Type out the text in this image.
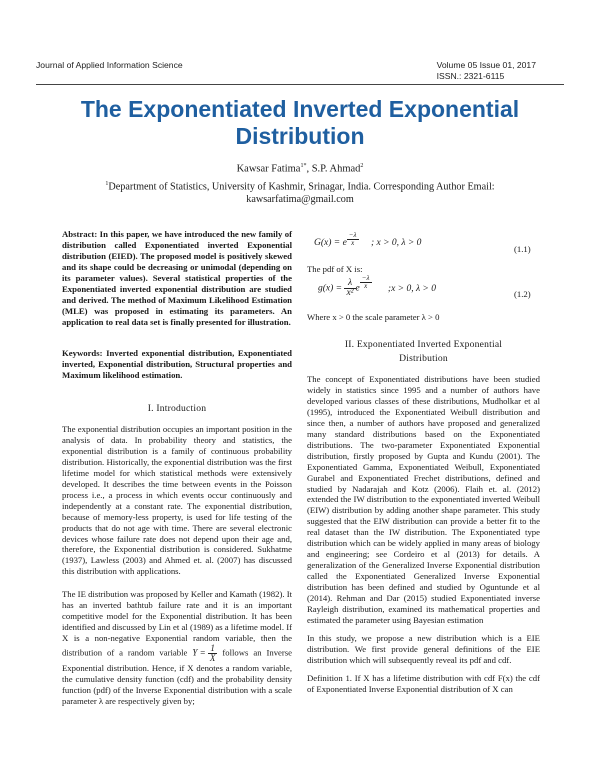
Journal of Applied Information Science	Volume 05 Issue 01, 2017
ISSN.: 2321-6115
The Exponentiated Inverted Exponential
Distribution
Kawsar Fatima$^{1*}$, S.P. Ahmad$^2$
$^1$Department of Statistics, University of Kashmir, Srinagar, India. Corresponding Author Email:
kawsarfatima@gmail.com
Abstract: In this paper, we have introduced the new family of distribution called Exponentiated inverted Exponential distribution (EIED). The proposed model is positively skewed and its shape could be decreasing or unimodal (depending on its parameter values). Several statistical properties of the Exponentiated inverted exponential distribution are studied and derived. The method of Maximum Likelihood Estimation (MLE) was proposed in estimating its parameters. An application to real data set is finally presented for illustration.
Keywords: Inverted exponential distribution, Exponentiated inverted, Exponential distribution, Structural properties and Maximum likelihood estimation.
I. Introduction
The exponential distribution occupies an important position in the analysis of data. In probability theory and statistics, the exponential distribution is a family of continuous probability distribution. Historically, the exponential distribution was the first lifetime model for which statistical methods were extensively developed. It describes the time between events in the Poisson process i.e., a process in which events occur continuously and independently at a constant rate. The exponential distribution, because of memory-less property, is used for life testing of the products that do not age with time. There are several electronic devices whose failure rate does not depend upon their age and, therefore, the Exponential distribution is considered. Sukhatme (1937), Lawless (2003) and Ahmed et. al. (2007) has discussed this distribution with applications.
The IE distribution was proposed by Keller and Kamath (1982). It has an inverted bathtub failure rate and it is an important competitive model for the Exponential distribution. It has been identified and discussed by Lin et al (1989) as a lifetime model. If X is a non-negative Exponential random variable, then the distribution of a random variable $Y = \frac{1}{X}$ follows an Inverse Exponential distribution. Hence, if X denotes a random variable, the cumulative density function (cdf) and the probability density function (pdf) of the Inverse Exponential distribution with a scale parameter λ are respectively given by;
G(x) = e $\frac{-\lambda}{x}$ ; x > 0, λ > 0
(1.1)
The pdf of X is:
$g(x) = \frac{\lambda}{\text{x²}}$ e $\frac{-\lambda}{x}$ ;x > 0, λ > 0
(1.2)
Where x > 0 the scale parameter λ > 0
II. Exponentiated Inverted Exponential
Distribution

The concept of Exponentiated distributions have been studied widely in statistics since 1995 and a number of authors have developed various classes of these distributions, Mudholkar et al (1995), introduced the Exponentiated Weibull distribution and since then, a number of authors have proposed and generalized many standard distributions based on the Exponentiated distributions. The two-parameter Exponentiated Exponential distribution, firstly proposed by Gupta and Kundu (2001). The Exponentiated Gamma, Exponentiated Weibull, Exponentiated Gurabel and Exponentiated Frechet distributions, defined and studied by Nadarajah and Kotz (2006). Flaih et. al. (2012) extended the IW distribution to the exponentiated inverted Weibull (EIW) distribution by adding another shape parameter. This study suggested that the EIW distribution can provide a better fit to the real dataset than the IW distribution. The Exponentiated type distribution which can be widely applied in many areas of biology and engineering; see Cordeiro et al (2013) for details. A generalization of the Generalized Inverse Exponential distribution called the Exponentiated Generalized Inverse Exponential distribution has been defined and studied by Oguntunde et al (2014). Rehman and Dar (2015) studied Exponentiated inverse Rayleigh distribution, examined its mathematical properties and estimated the parameter using Bayesian estimation

In this study, we propose a new distribution which is a EIE distribution. We first provide general definitions of the EIE distribution which will subsequently reveal its pdf and cdf.

Definition 1. If X has a lifetime distribution with cdf F(x) the cdf of Exponentiated Inverse Exponential distribution of X can
